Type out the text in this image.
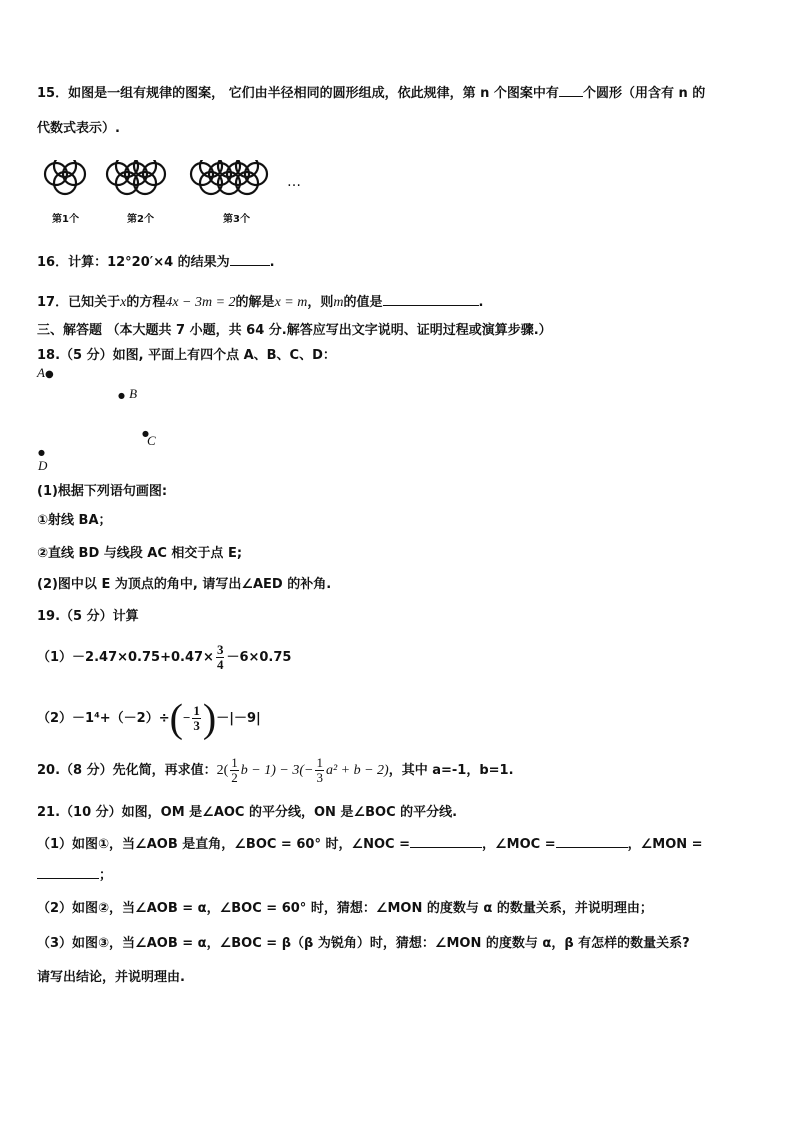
15．如图是一组有规律的图案， 它们由半径相同的圆形组成，依此规律，第 n 个图案中有 个圆形（用含有 n 的
代数式表示）.
…
第1个	第2个	第3个
16．计算：12°20′×4 的结果为	.
17．已知关于x的方程4x − 3m = 2的解是x = m，则m的值是	.
三、解答题 （本大题共 7 小题，共 64 分.解答应写出文字说明、证明过程或演算步骤.）
18.（5 分）如图, 平面上有四个点 A、B、C、D：
A●
● B
●
C
●
D
(1)根据下列语句画图:
①射线 BA；
②直线 BD 与线段 AC 相交于点 E;
(2)图中以 E 为顶点的角中, 请写出∠AED 的补角.
19.（5 分）计算
$(1)-2.47\times 0.75+0.47\times \frac{3}{4} -6\times 0.75$
$(2)-1^4+(-2)\div(- \frac{1}{3} )-|-9|$
20.（8 分）先化简，再求值：$2( \frac{1}{2}$ $b - 1) - 3(- \frac{1}{3} a^2 + b - 2)$，其中 a=-1，b=1.
21.（10 分）如图，OM 是∠AOC 的平分线，ON 是∠BOC 的平分线.
（1）如图①，当∠AOB 是直角，∠BOC = 60° 时，∠NOC =	，∠MOC =	，∠MON =
；
（2）如图②，当∠AOB = α，∠BOC = 60° 时，猜想：∠MON 的度数与 α 的数量关系，并说明理由；
（3）如图③，当∠AOB = α，∠BOC = β（β 为锐角）时，猜想：∠MON 的度数与 α，β 有怎样的数量关系?
请写出结论，并说明理由.
